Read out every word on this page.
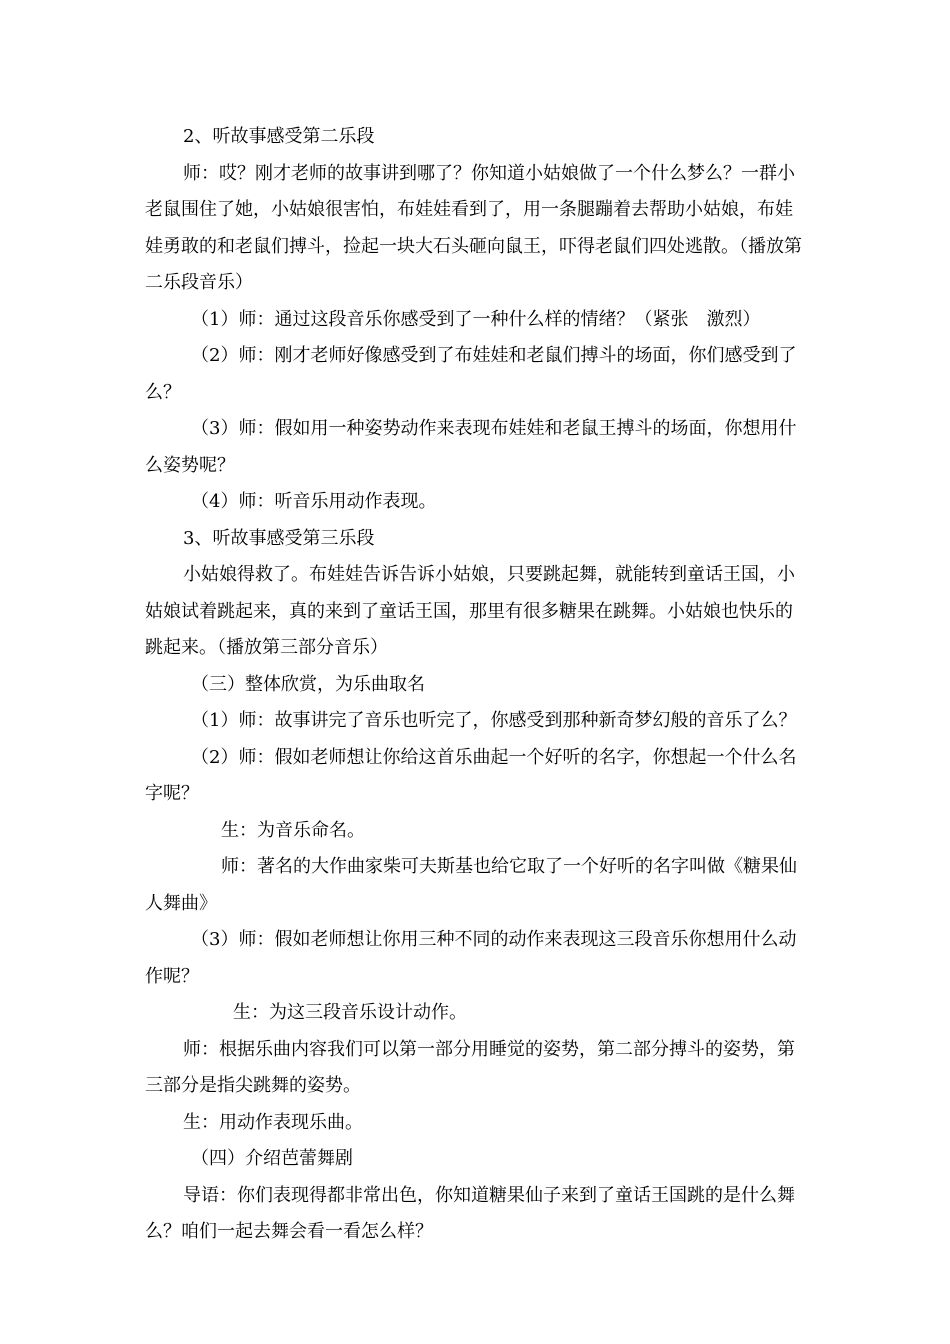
2、听故事感受第二乐段

师：哎？刚才老师的故事讲到哪了？你知道小姑娘做了一个什么梦么？一群小老鼠围住了她，小姑娘很害怕，布娃娃看到了，用一条腿蹦着去帮助小姑娘，布娃娃勇敢的和老鼠们搏斗，捡起一块大石头砸向鼠王，吓得老鼠们四处逃散。（播放第二乐段音乐）

（1）师：通过这段音乐你感受到了一种什么样的情绪？（紧张　激烈）

（2）师：刚才老师好像感受到了布娃娃和老鼠们搏斗的场面，你们感受到了么？

（3）师：假如用一种姿势动作来表现布娃娃和老鼠王搏斗的场面，你想用什么姿势呢？

（4）师：听音乐用动作表现。

3、听故事感受第三乐段

小姑娘得救了。布娃娃告诉告诉小姑娘，只要跳起舞，就能转到童话王国，小姑娘试着跳起来，真的来到了童话王国，那里有很多糖果在跳舞。小姑娘也快乐的跳起来。（播放第三部分音乐）

（三）整体欣赏，为乐曲取名

（1）师：故事讲完了音乐也听完了，你感受到那种新奇梦幻般的音乐了么？

（2）师：假如老师想让你给这首乐曲起一个好听的名字，你想起一个什么名字呢？

生：为音乐命名。

师：著名的大作曲家柴可夫斯基也给它取了一个好听的名字叫做《糖果仙人舞曲》

（3）师：假如老师想让你用三种不同的动作来表现这三段音乐你想用什么动作呢？

生：为这三段音乐设计动作。

师：根据乐曲内容我们可以第一部分用睡觉的姿势，第二部分搏斗的姿势，第三部分是指尖跳舞的姿势。

生：用动作表现乐曲。

（四）介绍芭蕾舞剧

导语：你们表现得都非常出色，你知道糖果仙子来到了童话王国跳的是什么舞么？咱们一起去舞会看一看怎么样？
